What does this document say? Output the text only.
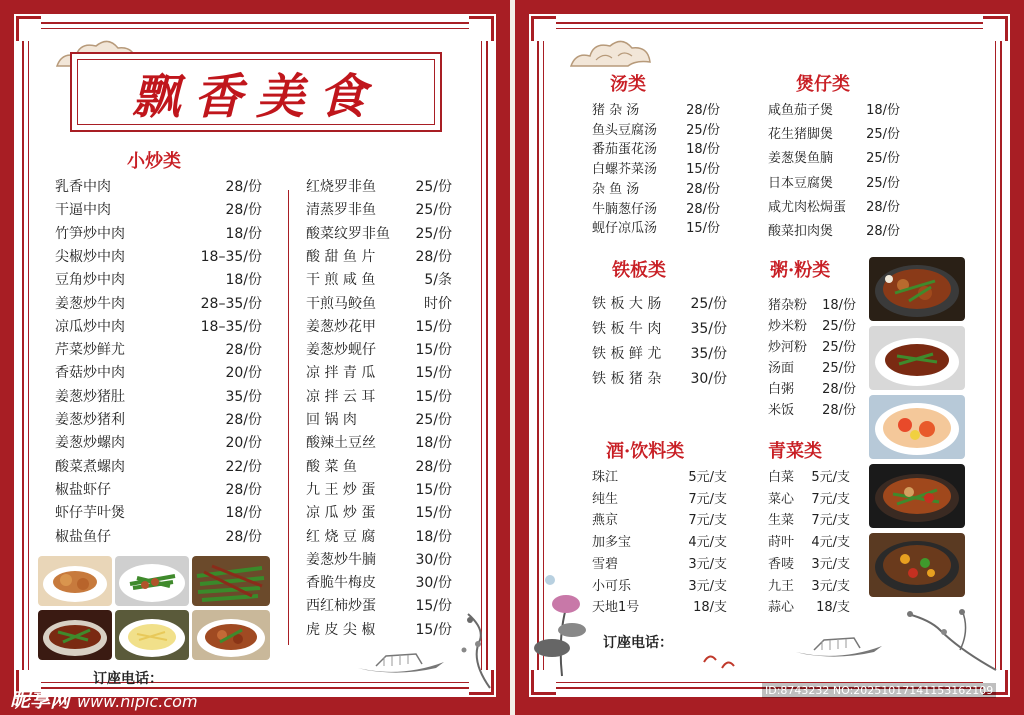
飘香美食
小炒类
乳香中肉	28/份
干逼中肉	28/份
竹笋炒中肉	18/份
尖椒炒中肉	18–35/份
豆角炒中肉	18/份
姜葱炒牛肉	28–35/份
凉瓜炒中肉	18–35/份
芹菜炒鲜尤	28/份
香菇炒中肉	20/份
姜葱炒猪肚	35/份
姜葱炒猪利	28/份
姜葱炒螺肉	20/份
酸菜煮螺肉	22/份
椒盐虾仔	28/份
虾仔芋叶煲	18/份
椒盐鱼仔	28/份
红烧罗非鱼	25/份
清蒸罗非鱼	25/份
酸菜纹罗非鱼 25/份
酸 甜 鱼 片	28/份
干 煎 咸 鱼	5/条
干煎马鲛鱼	时价
姜葱炒花甲	15/份
姜葱炒蚬仔	15/份
凉 拌 青 瓜	15/份
凉 拌 云 耳	15/份
回 锅 肉	25/份
酸辣土豆丝	18/份
酸 菜 鱼	28/份
九 王 炒 蛋	15/份
凉 瓜 炒 蛋	15/份
红 烧 豆 腐	18/份
姜葱炒牛腩	30/份
香脆牛梅皮	30/份
西红柿炒蛋	15/份
虎 皮 尖 椒	15/份
订座电话：
汤类	煲仔类
猪 杂 汤	28/份
鱼头豆腐汤 25/份
番茄蛋花汤 18/份
白螺芥菜汤 15/份
杂 鱼 汤	28/份
牛腩葱仔汤 28/份
蚬仔凉瓜汤 15/份
咸鱼茄子煲	18/份
花生猪脚煲	25/份
姜葱煲鱼腩	25/份
日本豆腐煲	25/份
咸尤肉松焗蛋 28/份
酸菜扣肉煲	28/份
铁板类	粥·粉类
铁 板 大 肠 25/份
铁 板 牛 肉 35/份
铁 板 鲜 尤 35/份
铁 板 猪 杂 30/份
猪杂粉 18/份
炒米粉 25/份
炒河粉 25/份
汤面 25/份
白粥 28/份
米饭 28/份
酒·饮料类	青菜类
珠江	5元/支
纯生	7元/支
燕京	7元/支
加多宝	4元/支
雪碧	3元/支
小可乐	3元/支
天地1号	18/支
白菜 5元/支
菜心 7元/支
生菜 7元/支
莳叶 4元/支
香唛 3元/支
九王 3元/支
蒜心 18/支
订座电话：
昵享网 www.nipic.com
ID:8743232 NO:20251017141153162109
